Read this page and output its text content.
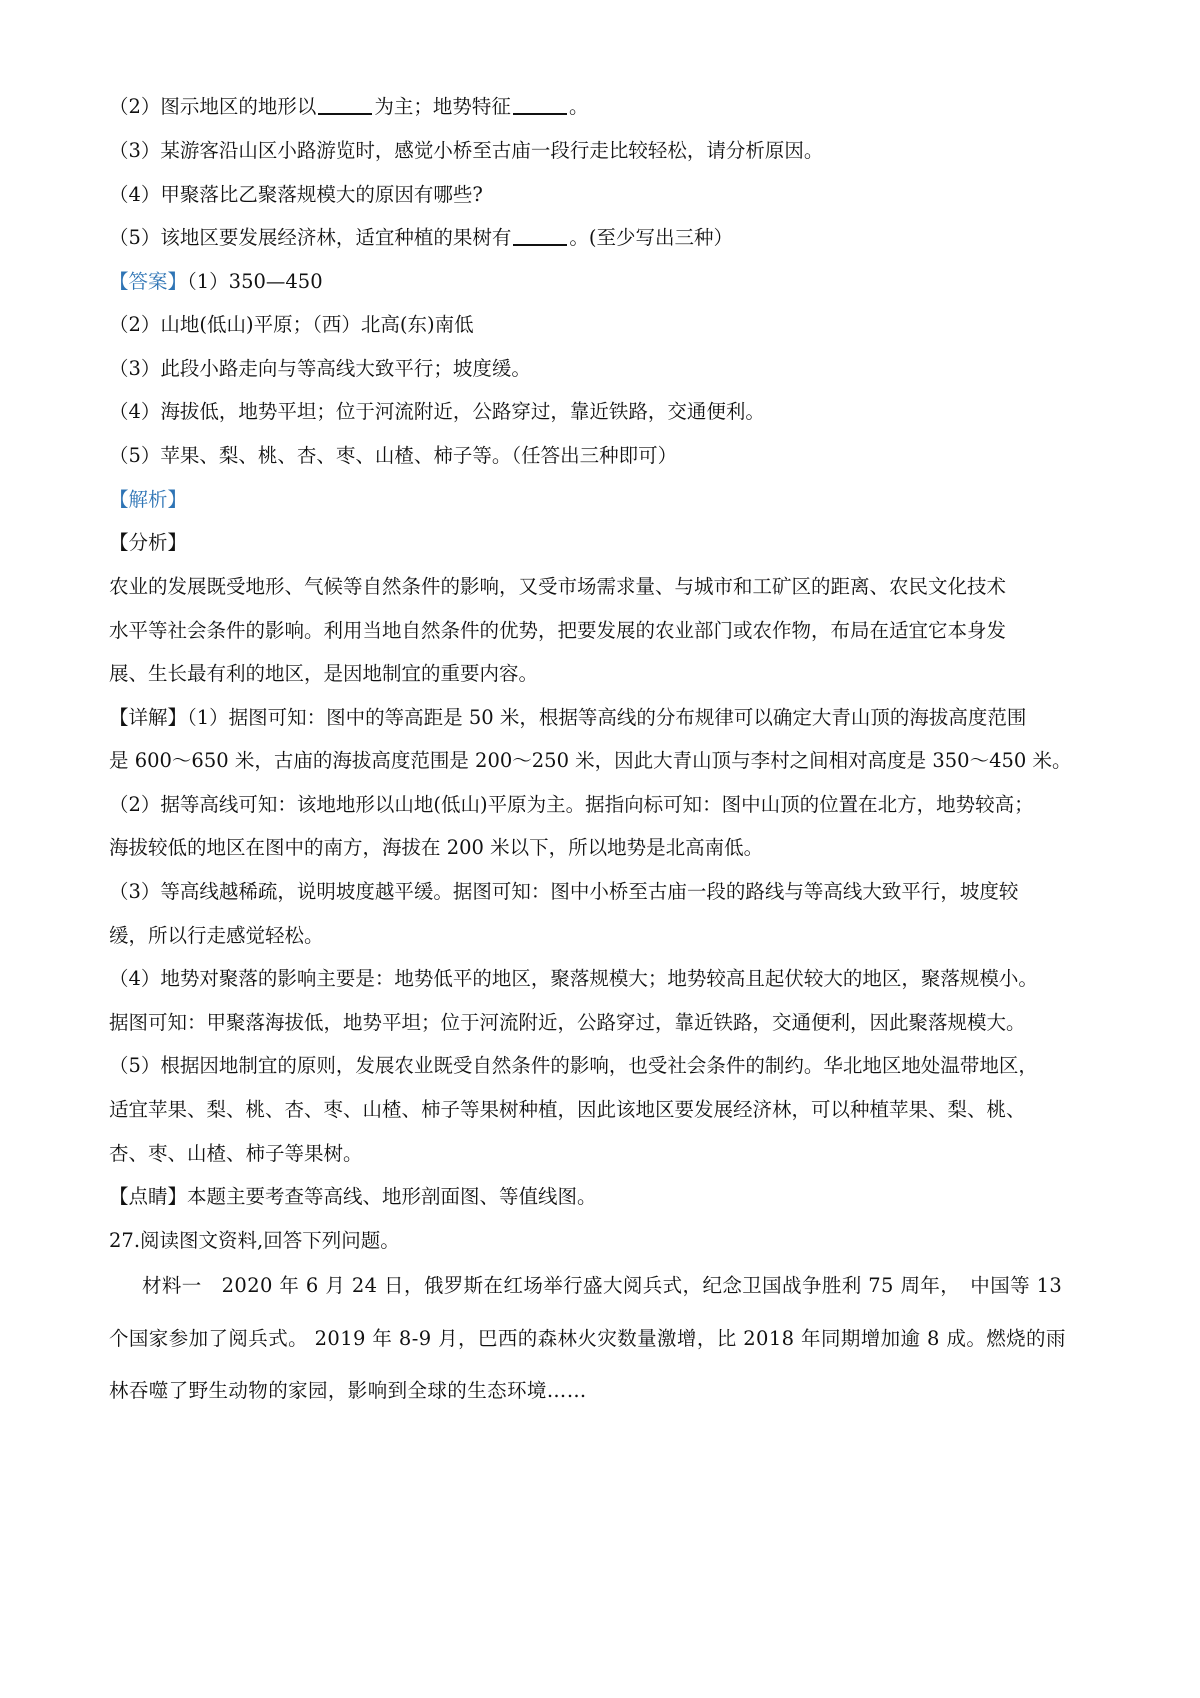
（2）图示地区的地形以	为主；地势特征	。
（3）某游客沿山区小路游览时，感觉小桥至古庙一段行走比较轻松，请分析原因。
（4）甲聚落比乙聚落规模大的原因有哪些?
（5）该地区要发展经济林，适宜种植的果树有	。(至少写出三种）
【答案】（1）350—450
（2）山地(低山)平原；（西）北高(东)南低
（3）此段小路走向与等高线大致平行；坡度缓。
（4）海拔低，地势平坦；位于河流附近，公路穿过，靠近铁路，交通便利。
（5）苹果、梨、桃、杏、枣、山楂、柿子等。（任答出三种即可）
【解析】
【分析】
农业的发展既受地形、气候等自然条件的影响，又受市场需求量、与城市和工矿区的距离、农民文化技术
水平等社会条件的影响。利用当地自然条件的优势，把要发展的农业部门或农作物，布局在适宜它本身发
展、生长最有利的地区，是因地制宜的重要内容。
【详解】（1）据图可知：图中的等高距是 50 米，根据等高线的分布规律可以确定大青山顶的海拔高度范围
是 600～650 米，古庙的海拔高度范围是 200～250 米，因此大青山顶与李村之间相对高度是 350～450 米。
（2）据等高线可知：该地地形以山地(低山)平原为主。据指向标可知：图中山顶的位置在北方，地势较高；
海拔较低的地区在图中的南方，海拔在 200 米以下，所以地势是北高南低。
（3）等高线越稀疏，说明坡度越平缓。据图可知：图中小桥至古庙一段的路线与等高线大致平行，坡度较
缓，所以行走感觉轻松。
（4）地势对聚落的影响主要是：地势低平的地区，聚落规模大；地势较高且起伏较大的地区，聚落规模小。
据图可知：甲聚落海拔低，地势平坦；位于河流附近，公路穿过，靠近铁路，交通便利，因此聚落规模大。
（5）根据因地制宜的原则，发展农业既受自然条件的影响，也受社会条件的制约。华北地区地处温带地区，
适宜苹果、梨、桃、杏、枣、山楂、柿子等果树种植，因此该地区要发展经济林，可以种植苹果、梨、桃、
杏、枣、山楂、柿子等果树。
【点睛】本题主要考查等高线、地形剖面图、等值线图。
27.阅读图文资料,回答下列问题。
材料一　2020 年 6 月 24 日，俄罗斯在红场举行盛大阅兵式，纪念卫国战争胜利 75 周年，　中国等 13
个国家参加了阅兵式。 2019 年 8-9 月，巴西的森林火灾数量激增，比 2018 年同期增加逾 8 成。燃烧的雨
林吞噬了野生动物的家园，影响到全球的生态环境……
